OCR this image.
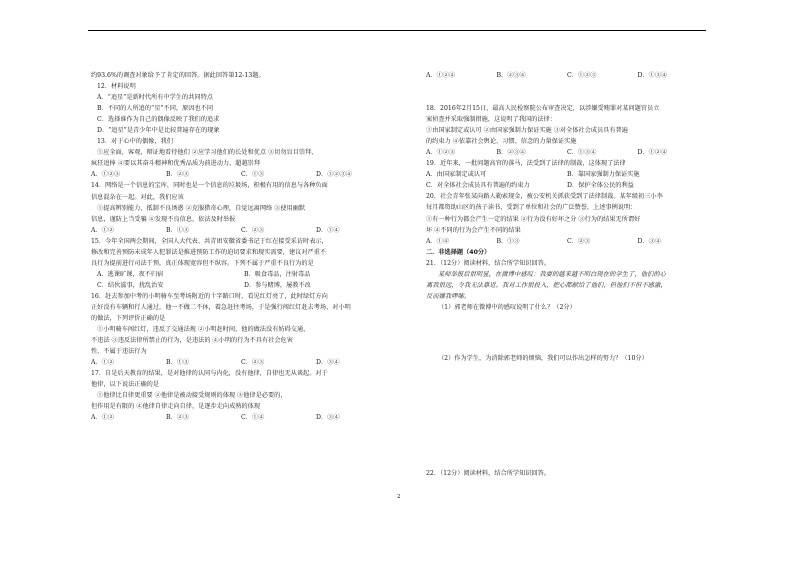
约93.6%的调查对象给予了肯定的回答。据此回答第12-13题。
12．材料说明
A．“追星”是新时代所有中学生的共同特点
B．不同的人所追的“星”不同，原因也不同
C．选择谁作为自己的偶像反映了我们的追求
D．“追星”是青少年中是比较普遍存在的现象
13．对于心中的偶像，我们
①应全面，客观，辩证地看待他们 ②应学习他们的长处和优点 ③切勿盲目崇拜、
疯狂追捧 ④要以其奋斗精神和优秀品质为前进动力，超越崇拜
A．①②③	B．②③	C．①③	D．①②③④
14．网络是一个信息的宝库，同时也是一个信息的垃圾场，积极有用的信息与各种负面
信息混杂在一起。对此，我们应该
①提高辨别能力，抵制不良诱惑 ②克服猎奇心理，自觉远离网络 ③使用幽默
信息，谨防上当受骗 ④发现不良信息，依法及时举报
A．①②	B．①③	C．②③	D．①④
15．今年全国两会期间，全国人大代表、共青团安徽省委书记于红在接受采访时表示，
修改和完善预防未成年人犯罪法是推进预防工作的迫切要求和现实需要，建议对严重不
良行为提前进行司法干预，真正体现宽容但不纵容。下列不属于严重不良行为的是
A．逃课旷课，夜不归宿	B．吸食毒品，注射毒品
C．结伙滋事，扰乱治安	D．参与赌博，屡教不改
16．赶去参加中考的小明骑车至考场附近的十字路口时，看见红灯亮了，此时绿灯方向
正好没有车辆和行人通过，他一不做二不休，着急赶往考场，于是强行闯红灯赶去考场，对小明
的做法，下列评价正确的是
①小明骑车闯红灯，违反了交通法规 ②小明赶时间，他的做法没有妨碍交通，
不违法 ③违反法律所禁止的行为，是违法的 ④小明的行为不具有社会危害
性，不属于违法行为
A．①②	B．①③	C．②③	D．③④
17．自是后天教育的结果，是对他律的认同与内化，没有他律，自律也无从谈起。对于
他律，以下说法正确的是
①他律比自律更重要 ②他律是被动接受规则的体现 ③他律是必要的，
但作用是有限的 ④他律自律走向自律，是逐步走向成熟的体现
A．①②	B．②③	C．①④	D．③④
A．①②④	B．②③④	C．①②③	D．①③④
18．2016年2月15日，最高人民检察院公布审查决定，以涉嫌受贿罪对某问题官员立
案侦查并采取强制措施，这说明了我国的法律：
①由国家制定或认可 ②由国家强制力保证实施 ③对全体社会成员具有普遍
的约束力 ④依靠社会舆论、习惯、信念的力量保证实施
A．①②③	B．②③④	C．①③④	D．①②④
19．近年来，一批问题高官的落马，法受到了法律的制裁，这体现了法律
A．由国家制定或认可	B．靠国家强制力保证实施
C．对全体社会成员具有普遍的约束力	D．保护全体公民的利益
20．社会青年张某向路人勒索现金，被公安机关抓获受到了法律制裁。某年级初三小李
每月都资助山区的孩子读书，受到了单位和社会的广泛赞誉，上述事例说明：
①有一种行为都会产生一定的结果 ②行为没有好坏之分 ③行为的结果无所谓好
坏 ④不同的行为会产生不同的结果
A．①④	B．①③	C．②③	D．③④
二．非选择题（40分）
21．（12分）阅读材料，结合所学知识回答。
某师举报后很明显，在微博中感叹：我要的越来越不明白现在的学生了，他们的心
离我很远，令我无法靠近。我对工作很投入，把心都献给了他们，但他们不但不感激，
反而嫌我啰嗦。
（1）郭老师在微博中的感叹说明了什么？（2分）
（2）作为学生，为消除郭老师的烦恼，我们可以作出怎样的努力？（10分）
22．（12分）阅读材料，结合所学知识回答。
2
